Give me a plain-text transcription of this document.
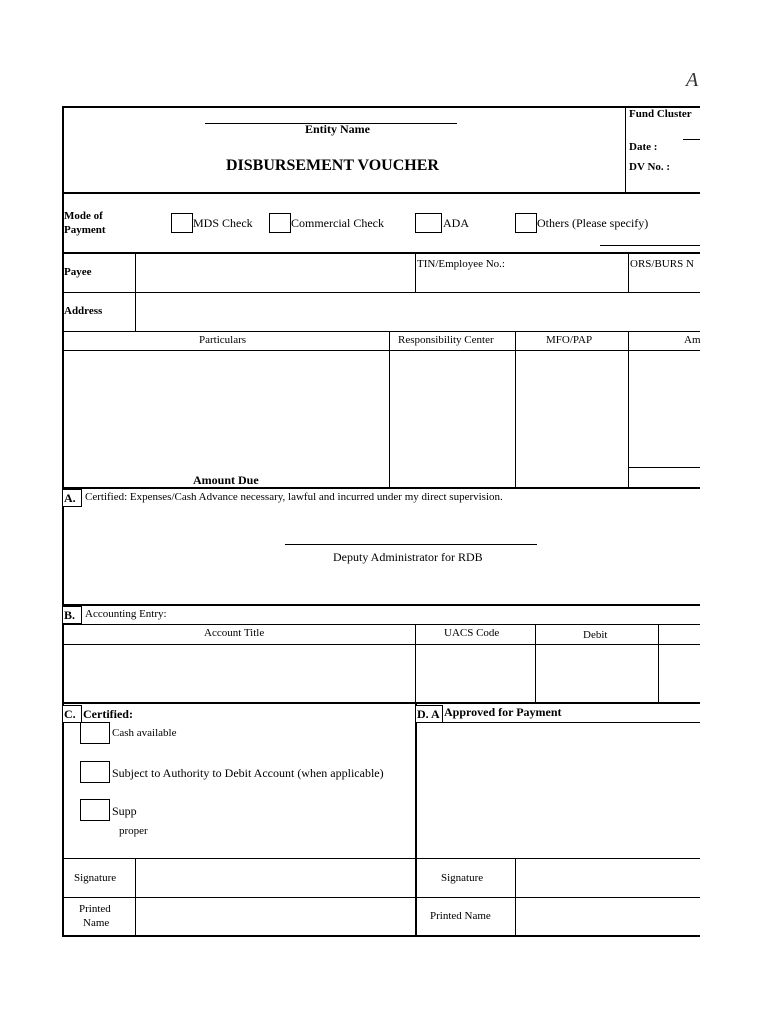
A
Entity Name
DISBURSEMENT VOUCHER
Fund Cluster
Date :
DV No. :
Mode of
Payment	MDS Check	Commercial Check	ADA	Others (Please specify)
Payee
TIN/Employee No.:	ORS/BURS N
Address
Particulars	Responsibility Center	MFO/PAP	Am
Amount Due
A. Certified: Expenses/Cash Advance necessary, lawful and incurred under my direct supervision.
Deputy Administrator for RDB
B. Accounting Entry:
Account Title	UACS Code	Debit
C. Certified:	D. A Approved for Payment
Cash available
Subject to Authority to Debit Account (when applicable)
Supp
proper
Signature	Signature
Printed
Name
Printed Name
